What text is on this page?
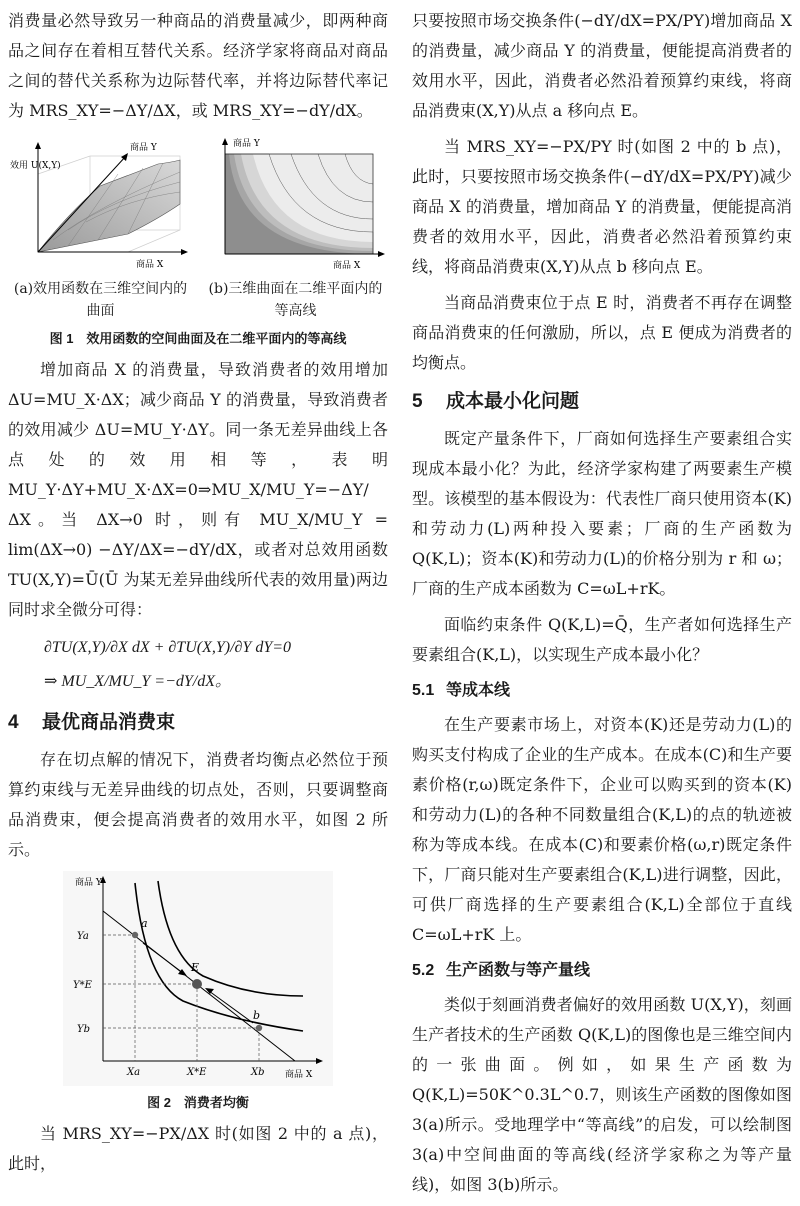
消费量必然导致另一种商品的消费量减少，即两种商品之间存在着相互替代关系。经济学家将商品对商品之间的替代关系称为边际替代率，并将边际替代率记为 MRS_XY=−ΔY/ΔX，或 MRS_XY=−dY/dX。

商品 Y
效用 U(X,Y)
商品 X
(a)效用函数在三维空间内的曲面
商品 Y
商品 X
(b)三维曲面在二维平面内的等高线
图 1　效用函数的空间曲面及在二维平面内的等高线

增加商品 X 的消费量，导致消费者的效用增加 ΔU=MU_X·ΔX；减少商品 Y 的消费量，导致消费者的效用减少 ΔU=MU_Y·ΔY。同一条无差异曲线上各点处的效用相等，表明 MU_Y·ΔY+MU_X·ΔX=0⇒MU_X/MU_Y=−ΔY/ΔX。当 ΔX→0 时，则有 MU_X/MU_Y = lim(ΔX→0) −ΔY/ΔX=−dY/dX，或者对总效用函数 TU(X,Y)=Ū(Ū 为某无差异曲线所代表的效用量)两边同时求全微分可得：

∂TU(X,Y)/∂X dX + ∂TU(X,Y)/∂Y dY=0
⇒ MU_X/MU_Y =−dY/dX。
4 最优商品消费束

存在切点解的情况下，消费者均衡点必然位于预算约束线与无差异曲线的切点处，否则，只要调整商品消费束，便会提高消费者的效用水平，如图 2 所示。

商品 Y
商品 X
a
E
b
Ya
Y*E
Yb
Xa	X*E	Xb
图 2　消费者均衡

当 MRS_XY=−PX/ΔX 时(如图 2 中的 a 点)，此时，

只要按照市场交换条件(−dY/dX=PX/PY)增加商品 X 的消费量，减少商品 Y 的消费量，便能提高消费者的效用水平，因此，消费者必然沿着预算约束线，将商品消费束(X,Y)从点 a 移向点 E。

当 MRS_XY=−PX/PY 时(如图 2 中的 b 点)，此时，只要按照市场交换条件(−dY/dX=PX/PY)减少商品 X 的消费量，增加商品 Y 的消费量，便能提高消费者的效用水平，因此，消费者必然沿着预算约束线，将商品消费束(X,Y)从点 b 移向点 E。

当商品消费束位于点 E 时，消费者不再存在调整商品消费束的任何激励，所以，点 E 便成为消费者的均衡点。

5 成本最小化问题

既定产量条件下，厂商如何选择生产要素组合实现成本最小化？为此，经济学家构建了两要素生产模型。该模型的基本假设为：代表性厂商只使用资本(K)和劳动力(L)两种投入要素；厂商的生产函数为 Q(K,L)；资本(K)和劳动力(L)的价格分别为 r 和 ω；厂商的生产成本函数为 C=ωL+rK。

面临约束条件 Q(K,L)=Q̄，生产者如何选择生产要素组合(K,L)，以实现生产成本最小化？

5.1 等成本线

在生产要素市场上，对资本(K)还是劳动力(L)的购买支付构成了企业的生产成本。在成本(C)和生产要素价格(r,ω)既定条件下，企业可以购买到的资本(K)和劳动力(L)的各种不同数量组合(K,L)的点的轨迹被称为等成本线。在成本(C)和要素价格(ω,r)既定条件下，厂商只能对生产要素组合(K,L)进行调整，因此，可供厂商选择的生产要素组合(K,L)全部位于直线 C=ωL+rK 上。

5.2 生产函数与等产量线

类似于刻画消费者偏好的效用函数 U(X,Y)，刻画生产者技术的生产函数 Q(K,L)的图像也是三维空间内的一张曲面。例如，如果生产函数为 Q(K,L)=50K^0.3L^0.7，则该生产函数的图像如图 3(a)所示。受地理学中“等高线”的启发，可以绘制图 3(a)中空间曲面的等高线(经济学家称之为等产量线)，如图 3(b)所示。
